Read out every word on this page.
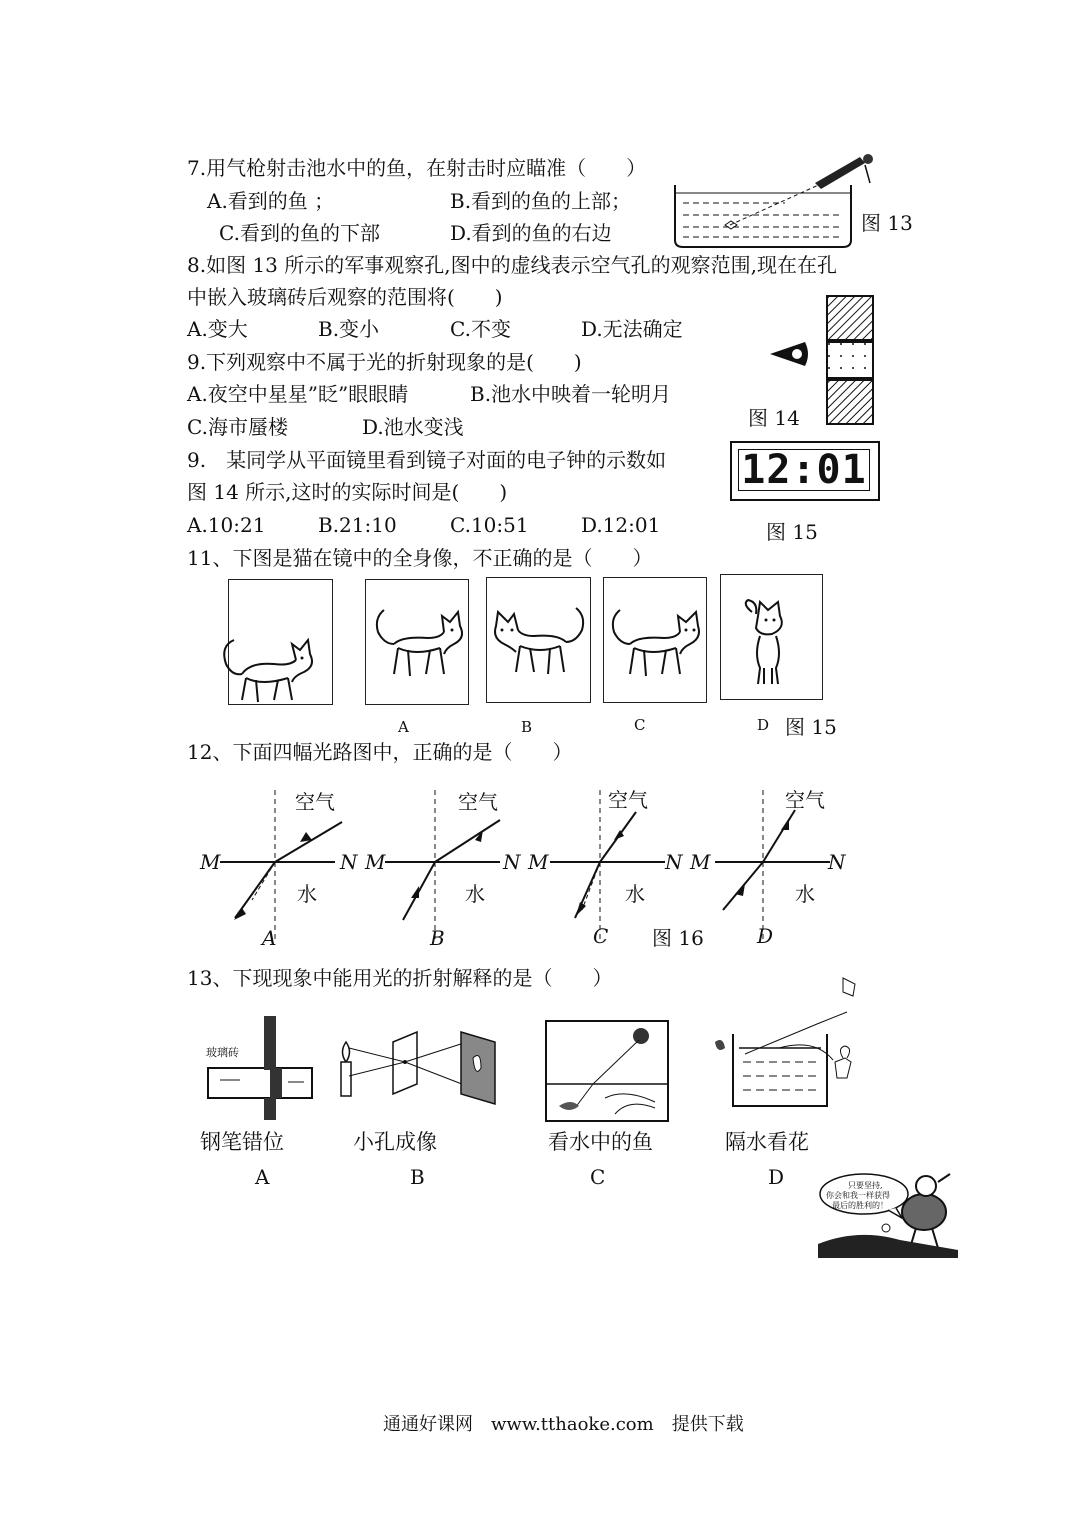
7.用气枪射击池水中的鱼，在射击时应瞄准（　　）
A.看到的鱼 ；	B.看到的鱼的上部；
C.看到的鱼的下部	D.看到的鱼的右边	图 13
8.如图 13 所示的军事观察孔,图中的虚线表示空气孔的观察范围,现在在孔
中嵌入玻璃砖后观察的范围将(　　)
A.变大	B.变小	C.不变	D.无法确定
9.下列观察中不属于光的折射现象的是(　　)
A.夜空中星星”眨”眼眼睛	B.池水中映着一轮明月
C.海市蜃楼	D.池水变浅	图 14
9.　某同学从平面镜里看到镜子对面的电子钟的示数如
图 14 所示,这时的实际时间是(　　)
A.10:21	B.21:10	C.10:51	D.12:01
12:01
图 15
11、下图是猫在镜中的全身像，不正确的是（　　）
A	B	C	D 图 15
12、下面四幅光路图中，正确的是（　　）
空气	空气	空气	空气
水	水	水	水
M	N M	N M	N M	N
A	B	C	D
图 16
13、下现现象中能用光的折射解释的是（　　）
玻璃砖
钢笔错位	小孔成像	看水中的鱼	隔水看花
A	B	C	D	只要坚持,
你会和我一样获得
最后的胜利的！
通通好课网　www.tthaoke.com　提供下载
